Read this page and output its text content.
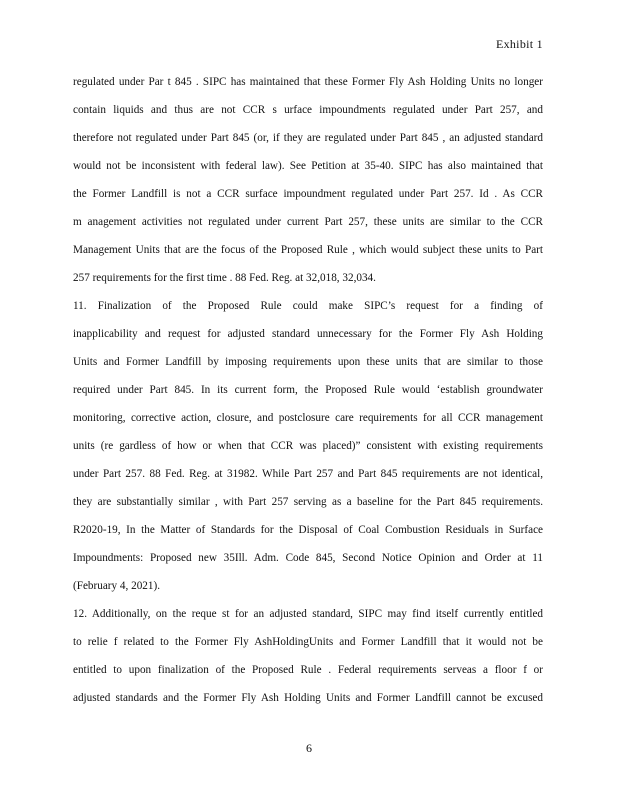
Exhibit 1
regulated under Par t 845 . SIPC has maintained that these Former Fly Ash Holding Units no longer
contain liquids and thus are not CCR s urface impoundments regulated under Part 257, and
therefore not regulated under Part 845 (or, if they are regulated under Part 845 , an adjusted standard
would not be inconsistent with federal law). See Petition at 35-40. SIPC has also maintained that
the Former Landfill is not a CCR surface impoundment regulated under Part 257. Id . As CCR
m anagement activities not regulated under current Part 257, these units are similar to the CCR
Management Units that are the focus of the Proposed Rule , which would subject these units to Part
257 requirements for the first time . 88 Fed. Reg. at 32,018, 32,034.
11. Finalization of the Proposed Rule could make SIPC’s request for a finding of
inapplicability and request for adjusted standard unnecessary for the Former Fly Ash Holding
Units and Former Landfill by imposing requirements upon these units that are similar to those
required under Part 845. In its current form, the Proposed Rule would ‘establish groundwater
monitoring, corrective action, closure, and postclosure care requirements for all CCR management
units (re gardless of how or when that CCR was placed)” consistent with existing requirements
under Part 257. 88 Fed. Reg. at 31982. While Part 257 and Part 845 requirements are not identical,
they are substantially similar , with Part 257 serving as a baseline for the Part 845 requirements.
R2020-19, In the Matter of Standards for the Disposal of Coal Combustion Residuals in Surface
Impoundments: Proposed new 35Ill. Adm. Code 845, Second Notice Opinion and Order at 11
(February 4, 2021).
12. Additionally, on the reque st for an adjusted standard, SIPC may find itself currently entitled
to relie f related to the Former Fly AshHoldingUnits and Former Landfill that it would not be
entitled to upon finalization of the Proposed Rule . Federal requirements serveas a floor f or
adjusted standards and the Former Fly Ash Holding Units and Former Landfill cannot be excused
6
